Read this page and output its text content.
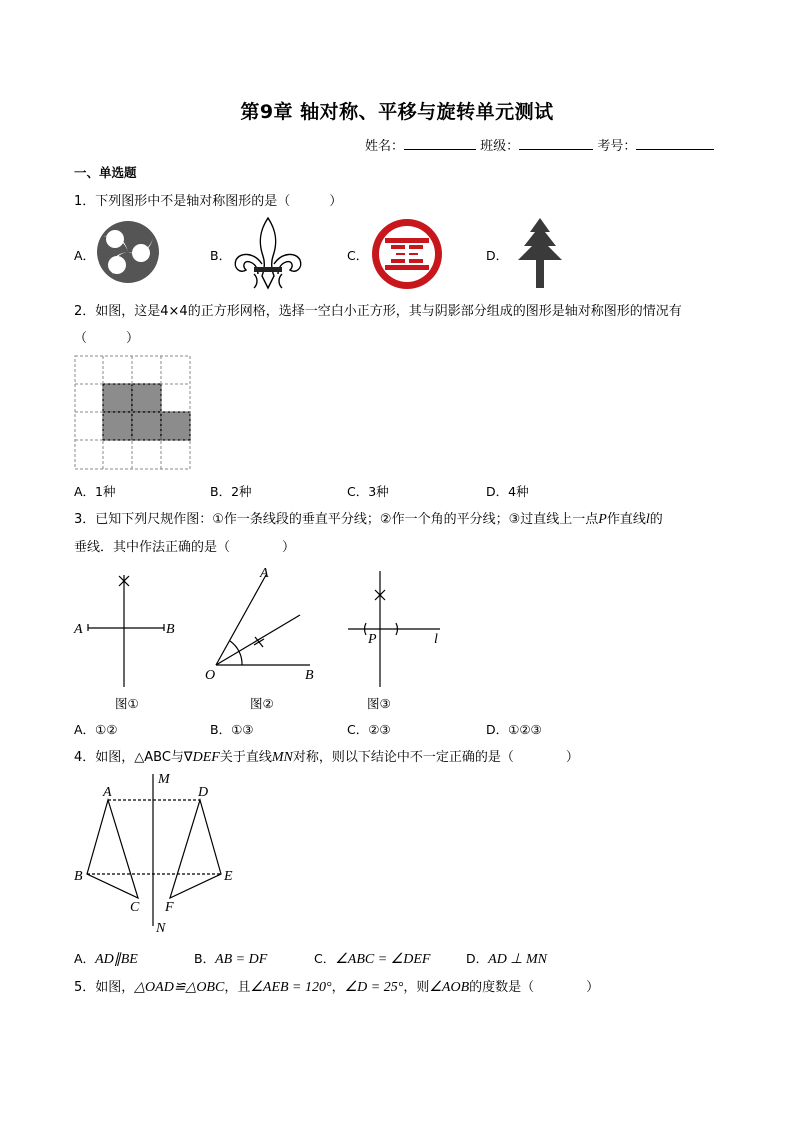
第9章 轴对称、平移与旋转单元测试
姓名：	班级：	考号：
一、单选题
1．下列图形中不是轴对称图形的是（　　　）
A．	B．	C．	D．
2．如图，这是4×4的正方形网格，选择一空白小正方形，其与阴影部分组成的图形是轴对称图形的情况有
（　　　）
A．1种	B．2种	C．3种	D．4种
3．已知下列尺规作图：①作一条线段的垂直平分线；②作一个角的平分线；③过直线上一点P作直线l的
垂线．其中作法正确的是（　　　　）
A	B
图①
A
O	B
图②
P	l
图③
A．①②	B．①③	C．②③	D．①②③
4．如图，△ABC与∇DEF关于直线MN对称，则以下结论中不一定正确的是（　　　　）
M
N
A
B
C
D
E
F
A．AD∥BE	B．AB = DF	C．∠ABC = ∠DEF	D．AD ⊥ MN
5．如图，△OAD≌△OBC，且∠AEB = 120°，∠D = 25°，则∠AOB的度数是（　　　　）
